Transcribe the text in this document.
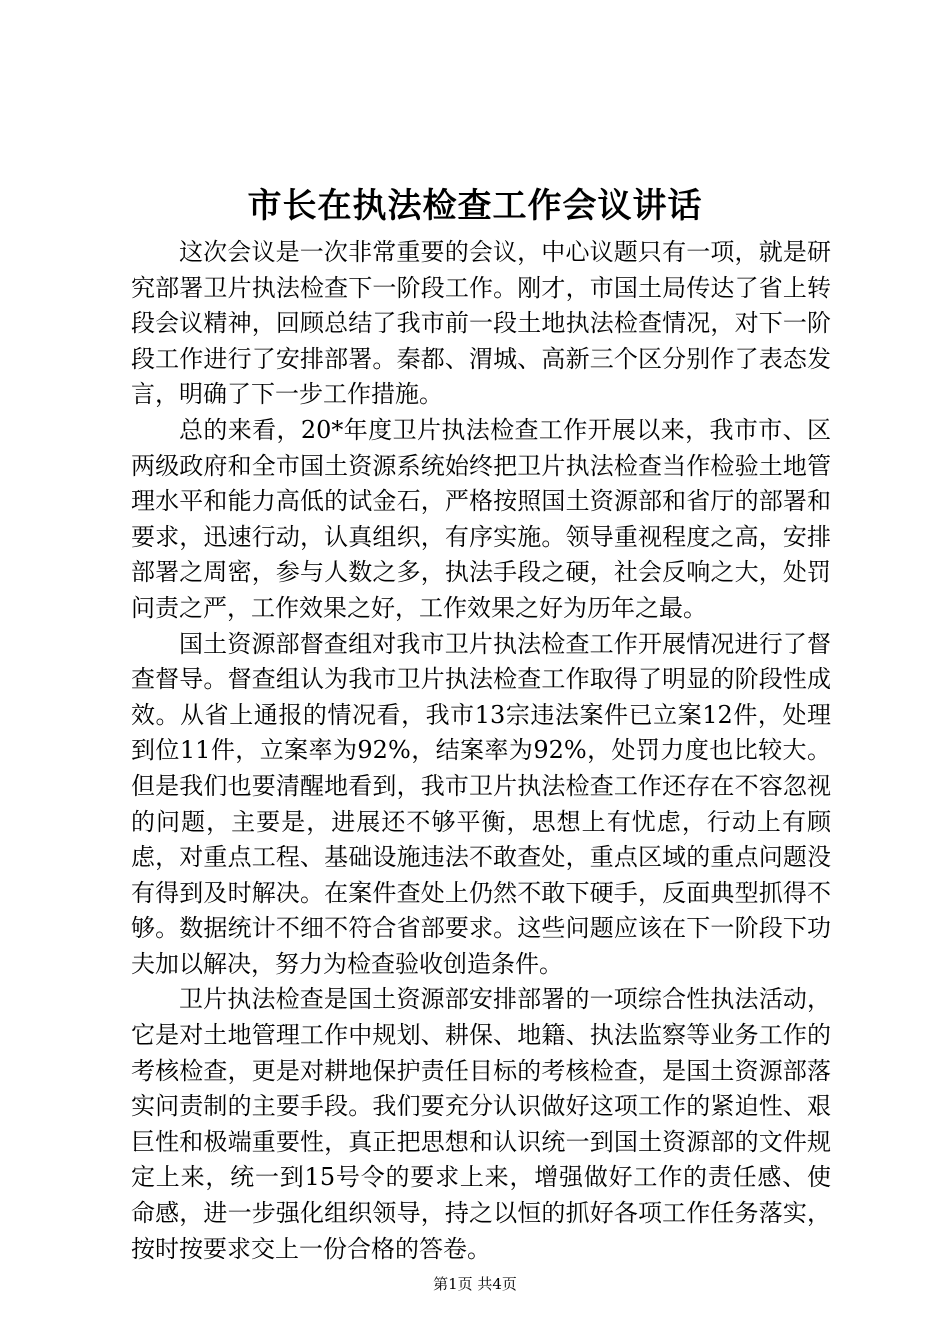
市长在执法检查工作会议讲话

这次会议是一次非常重要的会议，中心议题只有一项，就是研究部署卫片执法检查下一阶段工作。刚才，市国土局传达了省上转段会议精神，回顾总结了我市前一段土地执法检查情况，对下一阶段工作进行了安排部署。秦都、渭城、高新三个区分别作了表态发言，明确了下一步工作措施。

总的来看，20*年度卫片执法检查工作开展以来，我市市、区两级政府和全市国土资源系统始终把卫片执法检查当作检验土地管理水平和能力高低的试金石，严格按照国土资源部和省厅的部署和要求，迅速行动，认真组织，有序实施。领导重视程度之高，安排部署之周密，参与人数之多，执法手段之硬，社会反响之大，处罚问责之严，工作效果之好，工作效果之好为历年之最。

国土资源部督查组对我市卫片执法检查工作开展情况进行了督查督导。督查组认为我市卫片执法检查工作取得了明显的阶段性成效。从省上通报的情况看，我市13宗违法案件已立案12件，处理到位11件，立案率为92%，结案率为92%，处罚力度也比较大。但是我们也要清醒地看到，我市卫片执法检查工作还存在不容忽视的问题，主要是，进展还不够平衡，思想上有忧虑，行动上有顾虑，对重点工程、基础设施违法不敢查处，重点区域的重点问题没有得到及时解决。在案件查处上仍然不敢下硬手，反面典型抓得不够。数据统计不细不符合省部要求。这些问题应该在下一阶段下功夫加以解决，努力为检查验收创造条件。

卫片执法检查是国土资源部安排部署的一项综合性执法活动，它是对土地管理工作中规划、耕保、地籍、执法监察等业务工作的考核检查，更是对耕地保护责任目标的考核检查，是国土资源部落实问责制的主要手段。我们要充分认识做好这项工作的紧迫性、艰巨性和极端重要性，真正把思想和认识统一到国土资源部的文件规定上来，统一到15号令的要求上来，增强做好工作的责任感、使命感，进一步强化组织领导，持之以恒的抓好各项工作任务落实，按时按要求交上一份合格的答卷。

第1页 共4页
